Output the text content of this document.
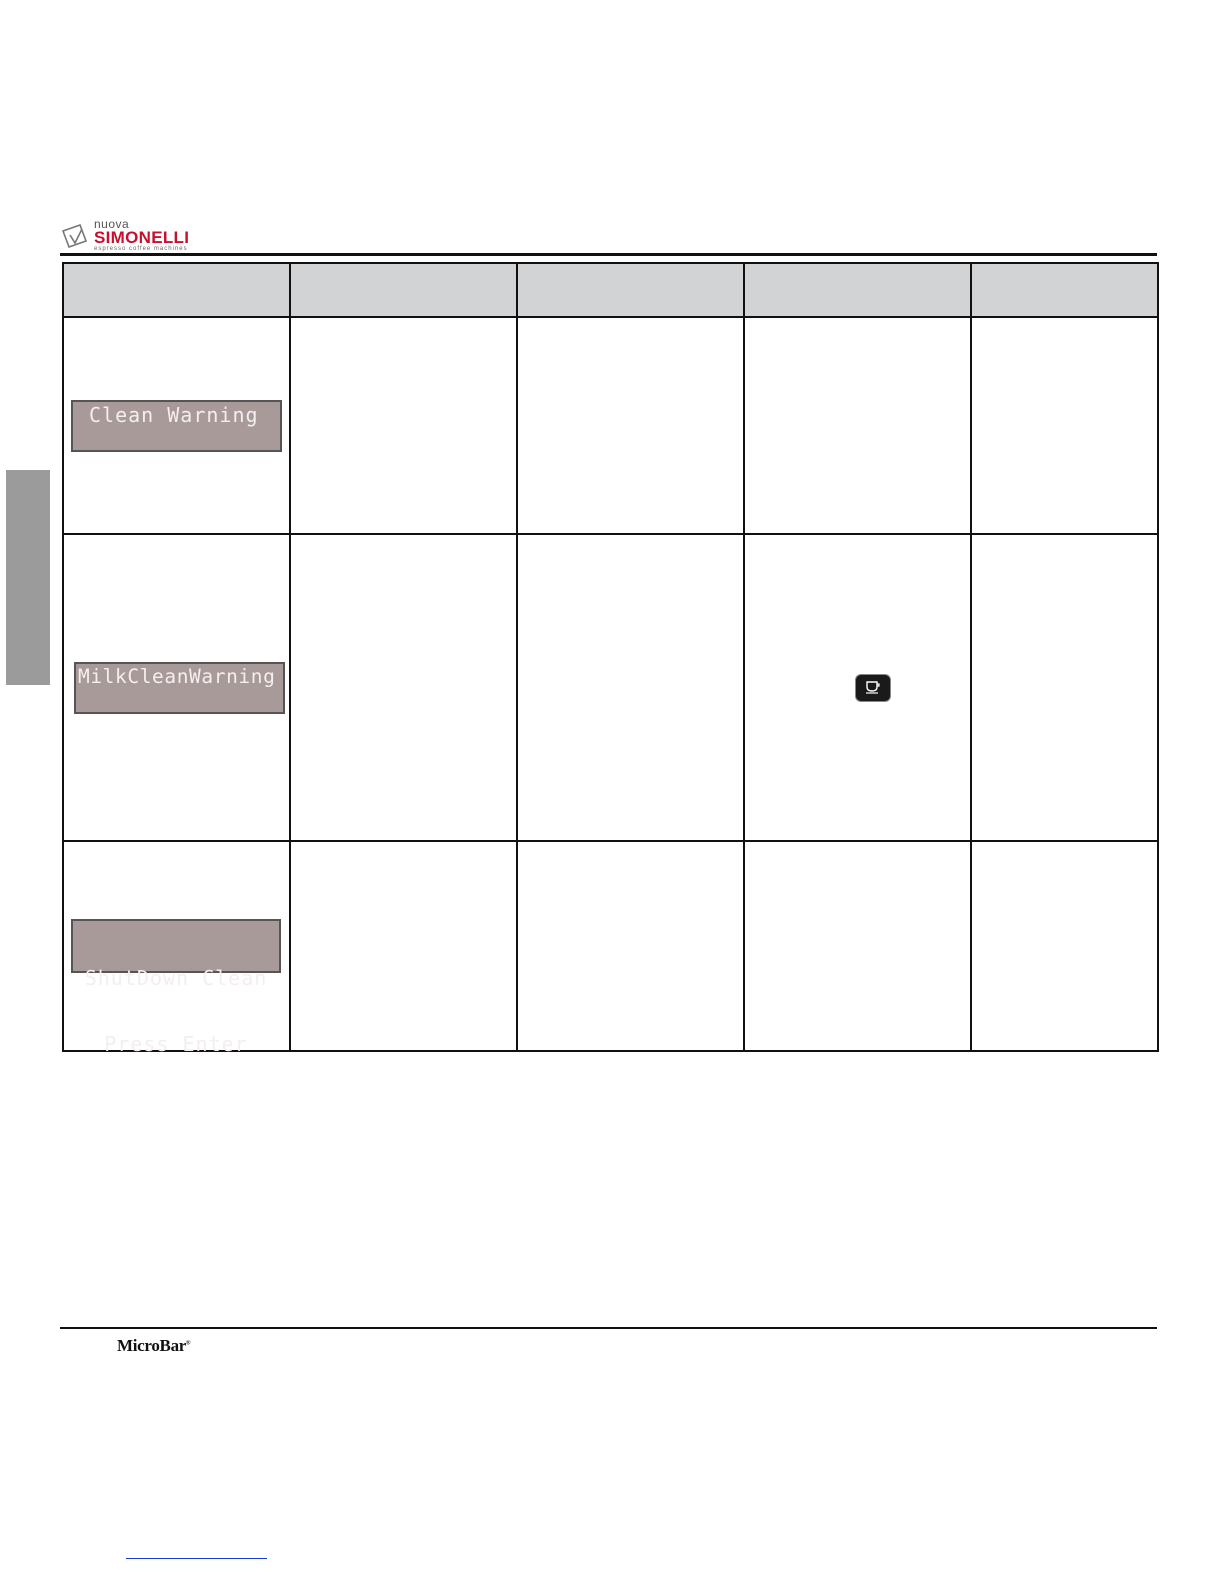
nuova
SIMONELLI
espresso coffee machines

Clean Warning				

MilkCleanWarning

ShutDown Clean

Press Enter				

MicroBar®
